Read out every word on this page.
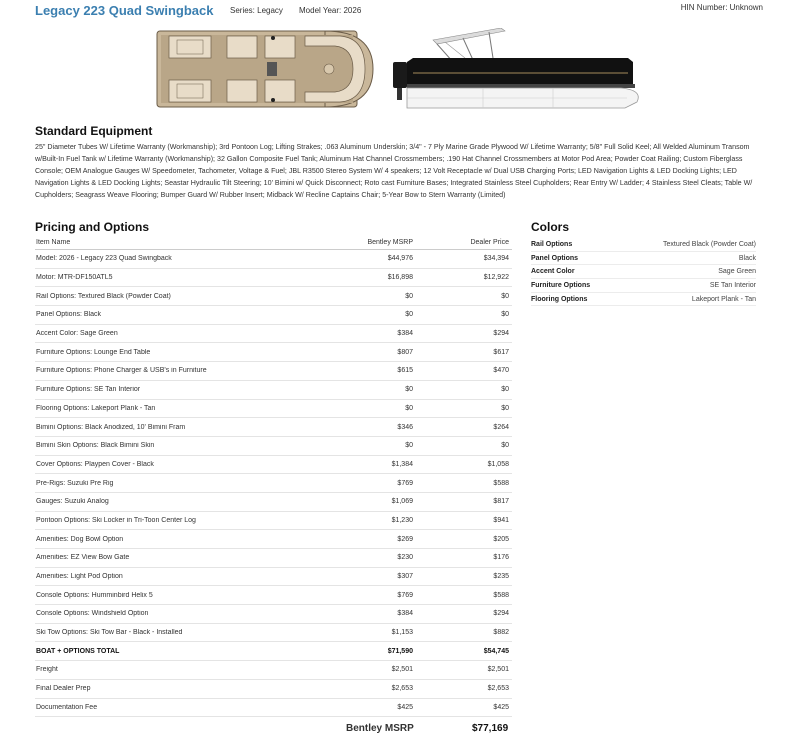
Legacy 223 Quad Swingback Series: Legacy Model Year: 2026	HIN Number: Unknown
Standard Equipment
25" Diameter Tubes W/ Lifetime Warranty (Workmanship); 3rd Pontoon Log; Lifting Strakes; .063 Aluminum Underskin; 3/4" - 7 Ply Marine Grade Plywood W/ Lifetime Warranty; 5/8" Full Solid Keel; All Welded Aluminum Transom w/Built-In Fuel Tank w/ Lifetime Warranty (Workmanship); 32 Gallon Composite Fuel Tank; Aluminum Hat Channel Crossmembers; .190 Hat Channel Crossmembers at Motor Pod Area; Powder Coat Railing; Custom Fiberglass Console; OEM Analogue Gauges W/ Speedometer, Tachometer, Voltage & Fuel; JBL R3500 Stereo System W/ 4 speakers; 12 Volt Receptacle w/ Dual USB Charging Ports; LED Navigation Lights & LED Docking Lights; LED Navigation Lights & LED Docking Lights; Seastar Hydraulic Tilt Steering; 10' Bimini w/ Quick Disconnect; Roto cast Furniture Bases; Integrated Stainless Steel Cupholders; Rear Entry W/ Ladder; 4 Stainless Steel Cleats; Table W/ Cupholders; Seagrass Weave Flooring; Bumper Guard W/ Rubber Insert; Midback W/ Recline Captains Chair; 5-Year Bow to Stern Warranty (Limited)
Pricing and Options
Item Name	Bentley MSRP	Dealer Price
Model: 2026 - Legacy 223 Quad Swingback	$44,976	$34,394
Motor: MTR-DF150ATL5	$16,898	$12,922
Rail Options: Textured Black (Powder Coat)	$0	$0
Panel Options: Black	$0	$0
Accent Color: Sage Green	$384	$294
Furniture Options: Lounge End Table	$807	$617
Furniture Options: Phone Charger & USB's in Furniture	$615	$470
Furniture Options: SE Tan Interior	$0	$0
Flooring Options: Lakeport Plank - Tan	$0	$0
Bimini Options: Black Anodized, 10' Bimini Fram	$346	$264
Bimini Skin Options: Black Bimini Skin	$0	$0
Cover Options: Playpen Cover - Black	$1,384	$1,058
Pre-Rigs: Suzuki Pre Rig	$769	$588
Gauges: Suzuki Analog	$1,069	$817
Pontoon Options: Ski Locker in Tri-Toon Center Log	$1,230	$941
Amenities: Dog Bowl Option	$269	$205
Amenities: EZ View Bow Gate	$230	$176
Amenities: Light Pod Option	$307	$235
Console Options: Humminbird Helix 5	$769	$588
Console Options: Windshield Option	$384	$294
Ski Tow Options: Ski Tow Bar - Black - Installed	$1,153	$882
BOAT + OPTIONS TOTAL	$71,590	$54,745
Freight	$2,501	$2,501
Final Dealer Prep	$2,653	$2,653
Documentation Fee	$425	$425
Bentley MSRP	$77,169
Colors
Rail Options	Textured Black (Powder Coat)
Panel Options	Black
Accent Color	Sage Green
Furniture Options	SE Tan Interior
Flooring Options	Lakeport Plank - Tan
